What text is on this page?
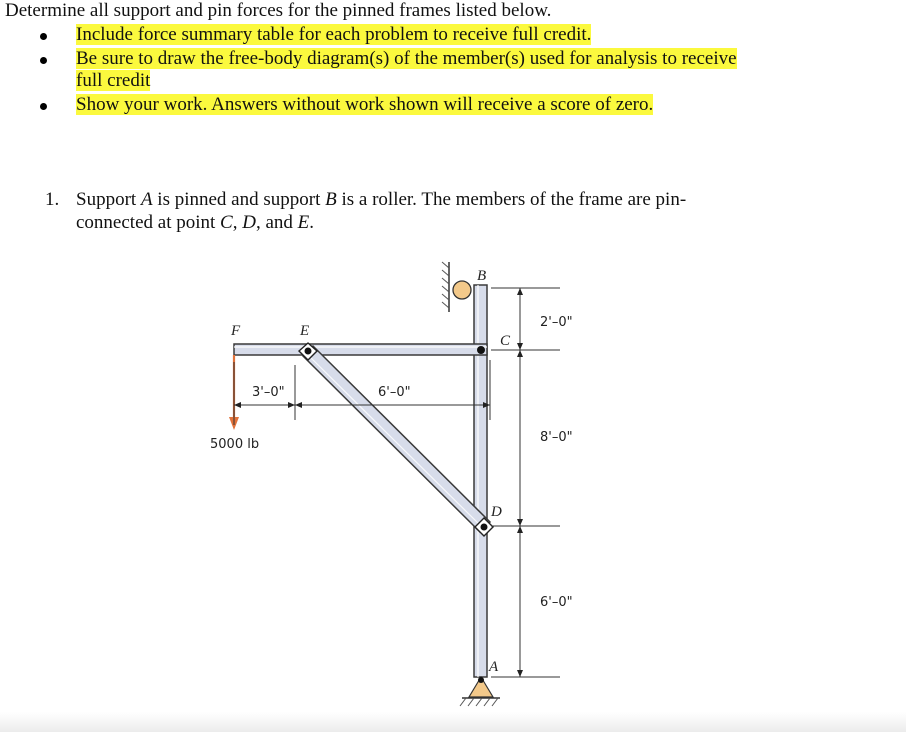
Determine all support and pin forces for the pinned frames listed below.

Include force summary table for each problem to receive full credit.
Be sure to draw the free-body diagram(s) of the member(s) used for analysis to receive
full credit
Show your work. Answers without work shown will receive a score of zero.
1. Support A is pinned and support B is a roller. The members of the frame are pin-
connected at point C, D, and E.
B
C
D
A
E
F
2'–0"
8'–0"
6'–0"
3'–0"	6'–0"
5000 lb
